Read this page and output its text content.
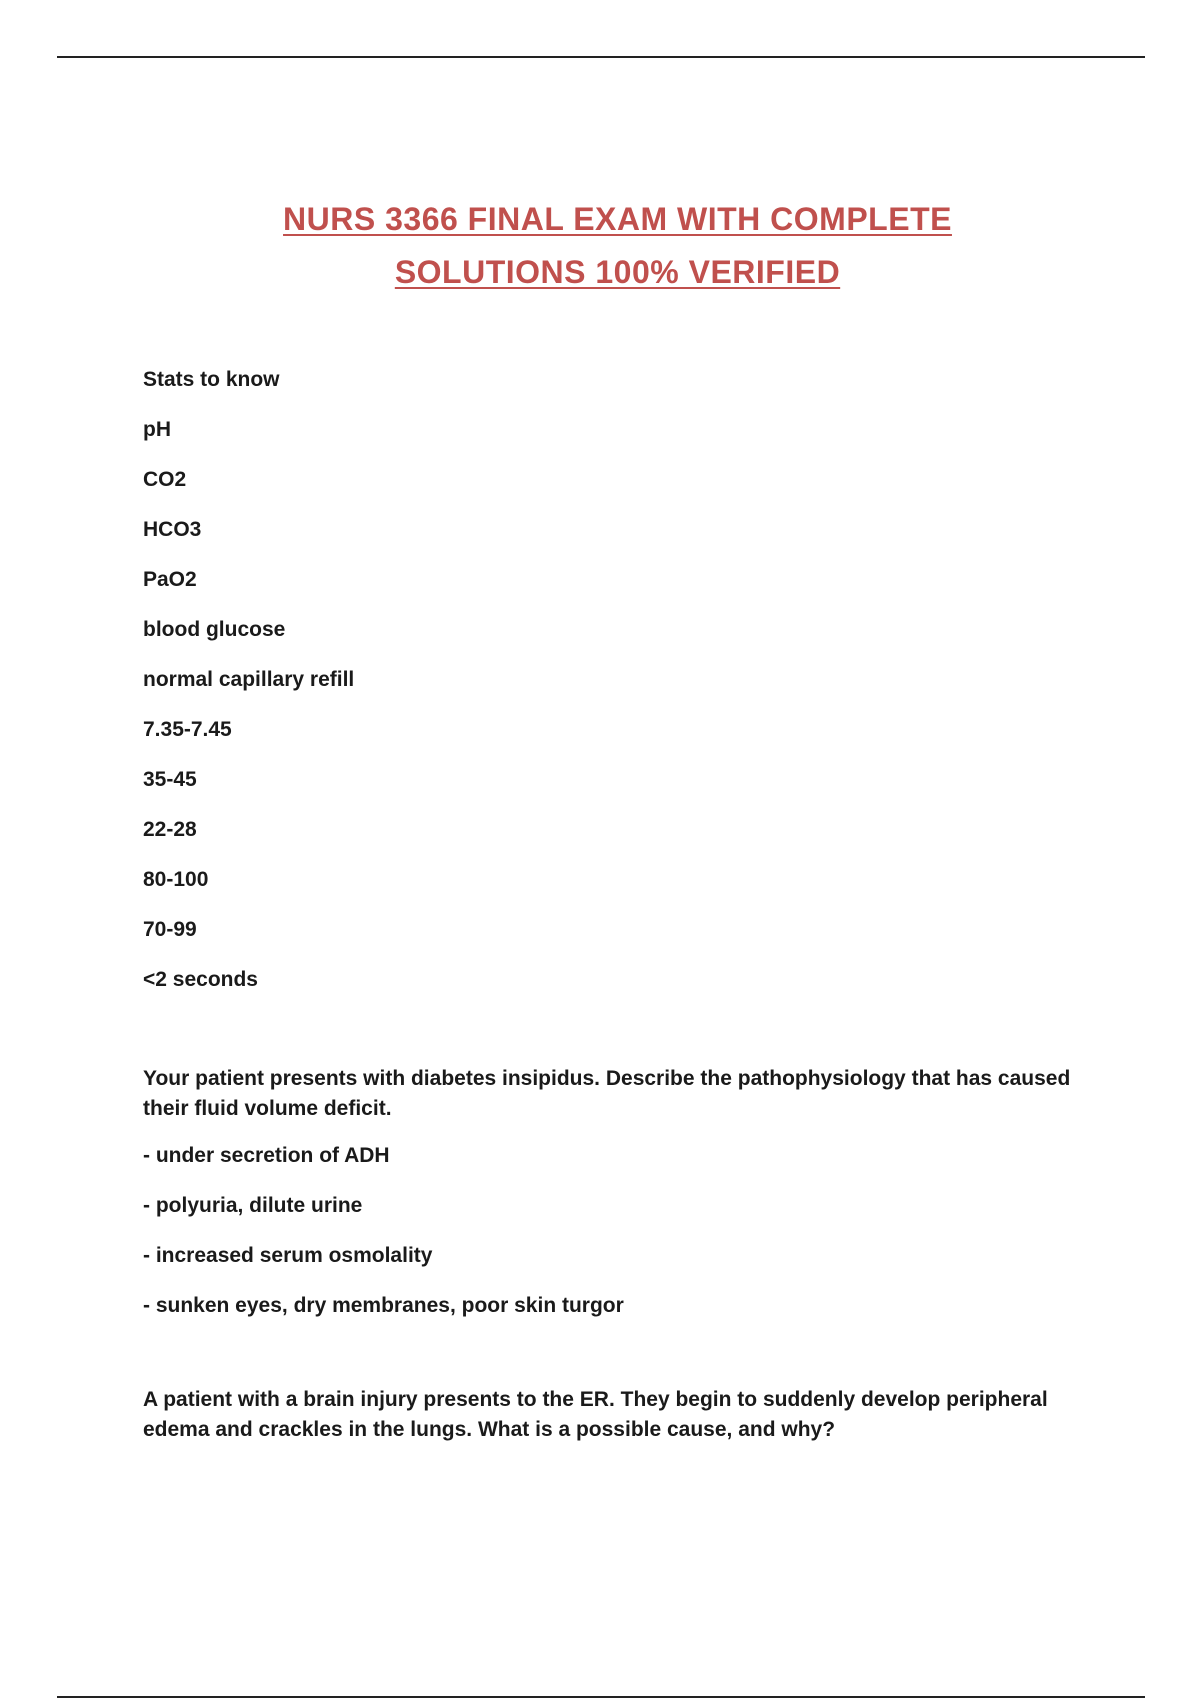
NURS 3366 FINAL EXAM WITH COMPLETE
SOLUTIONS 100% VERIFIED
Stats to know
pH
CO2
HCO3
PaO2
blood glucose
normal capillary refill
7.35-7.45
35-45
22-28
80-100
70-99
<2 seconds

Your patient presents with diabetes insipidus. Describe the pathophysiology that has caused their fluid volume deficit.

- under secretion of ADH
- polyuria, dilute urine
- increased serum osmolality
- sunken eyes, dry membranes, poor skin turgor

A patient with a brain injury presents to the ER. They begin to suddenly develop peripheral edema and crackles in the lungs. What is a possible cause, and why?
